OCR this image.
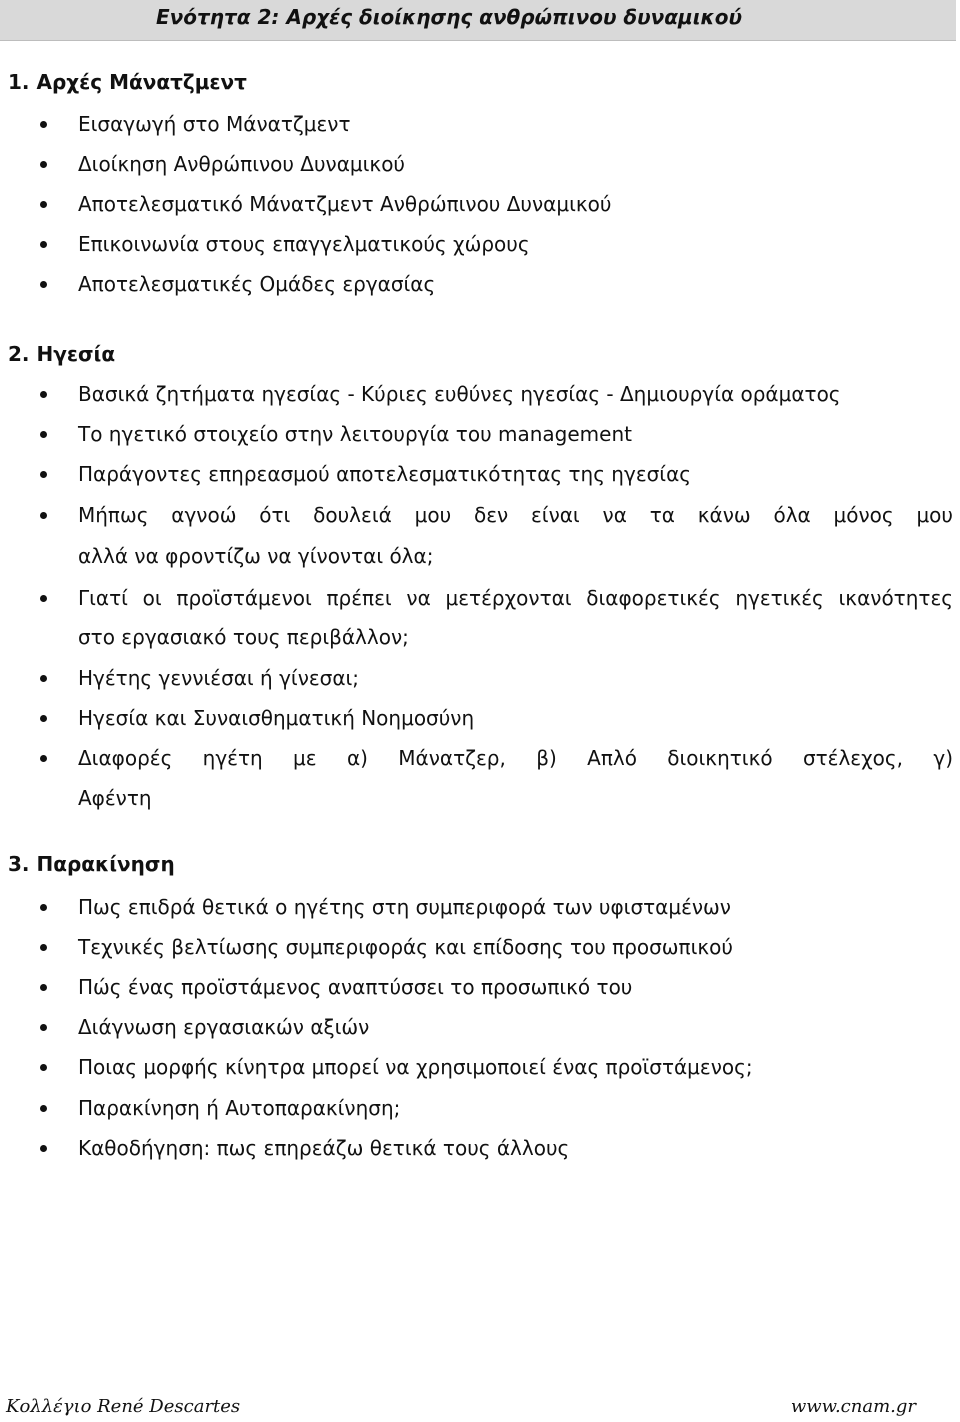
Ενότητα 2: Αρχές διοίκησης ανθρώπινου δυναμικού
1. Αρχές Μάνατζμεντ
Εισαγωγή στο Μάνατζμεντ
Διοίκηση Ανθρώπινου Δυναμικού
Αποτελεσματικό Μάνατζμεντ Ανθρώπινου Δυναμικού
Επικοινωνία στους επαγγελματικούς χώρους
Αποτελεσματικές Ομάδες εργασίας
2. Ηγεσία
Βασικά ζητήματα ηγεσίας - Κύριες ευθύνες ηγεσίας - Δημιουργία οράματος
Το ηγετικό στοιχείο στην λειτουργία του management
Παράγοντες επηρεασμού αποτελεσματικότητας της ηγεσίας
Μήπως αγνοώ ότι δουλειά μου δεν είναι να τα κάνω όλα μόνος μου
αλλά να φροντίζω να γίνονται όλα;
Γιατί οι προϊστάμενοι πρέπει να μετέρχονται διαφορετικές ηγετικές ικανότητες
στο εργασιακό τους περιβάλλον;
Ηγέτης γεννιέσαι ή γίνεσαι;
Ηγεσία και Συναισθηματική Νοημοσύνη
Διαφορές ηγέτη με α) Μάνατζερ, β) Απλό διοικητικό στέλεχος, γ)
Αφέντη
3. Παρακίνηση
Πως επιδρά θετικά ο ηγέτης στη συμπεριφορά των υφισταμένων
Τεχνικές βελτίωσης συμπεριφοράς και επίδοσης του προσωπικού
Πώς ένας προϊστάμενος αναπτύσσει το προσωπικό του
Διάγνωση εργασιακών αξιών
Ποιας μορφής κίνητρα μπορεί να χρησιμοποιεί ένας προϊστάμενος;
Παρακίνηση ή Αυτοπαρακίνηση;
Καθοδήγηση: πως επηρεάζω θετικά τους άλλους
Κολλέγιο René Descartes	www.cnam.gr
